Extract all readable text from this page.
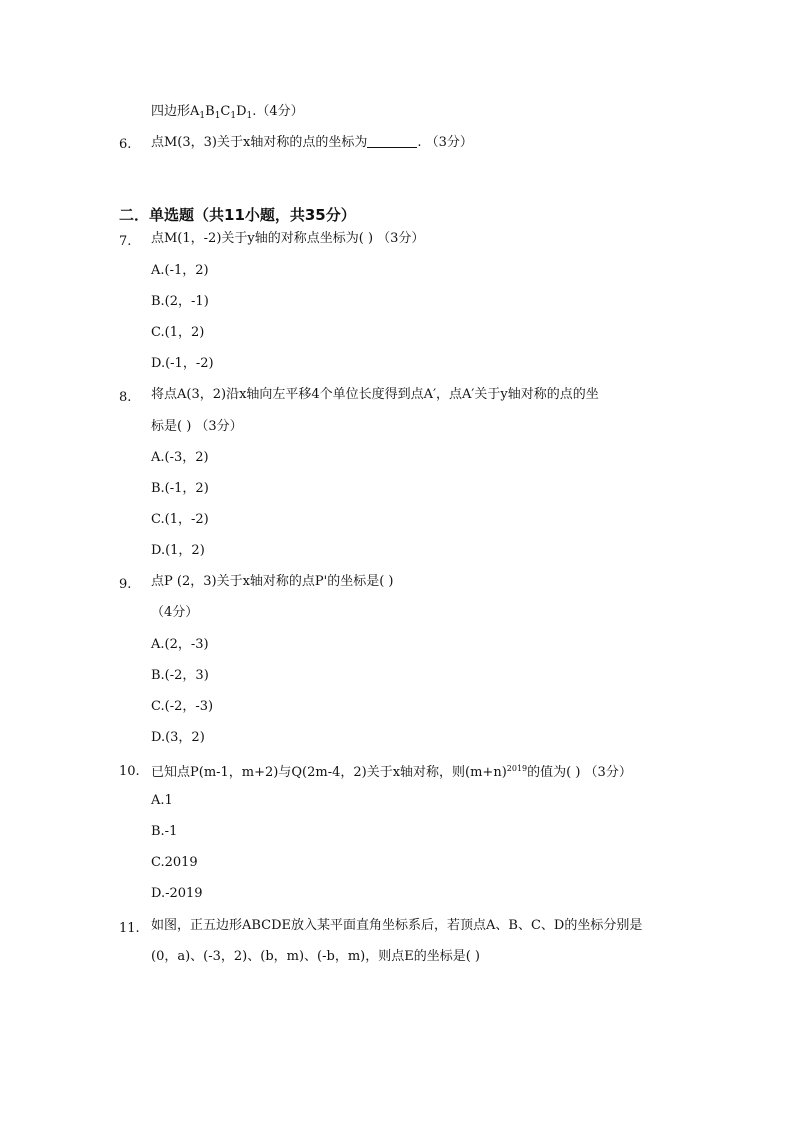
四边形$A_1B_1C_1D_1.(4$分）
6. 点M(3，3)关于x轴对称的点的坐标为	. （3分）
二．单选题（共11小题，共35分）
7. 点M(1，-2)关于y轴的对称点坐标为( ) （3分）
A.(-1，2)
B.(2，-1)
C.(1，2)
D.(-1，-2)
8. 将点A(3，2)沿x轴向左平移4个单位长度得到点A′，点A′关于y轴对称的点的坐
标是( ) （3分）
A.(-3，2)
B.(-1，2)
C.(1，-2)
D.(1，2)
9. 点P (2，3)关于x轴对称的点P'的坐标是( )
（4分）
A.(2，-3)
B.(-2，3)
C.(-2，-3)
D.(3，2)
10. 已知点P(m-1，m+2)与Q(2m-4，2)关于x轴对称，则$(m+n)^{2019}$的值为( ) （3分）
A.1
B.-1
C.2019
D.-2019
11. 如图，正五边形ABCDE放入某平面直角坐标系后，若顶点A、B、C、D的坐标分别是
(0，a)、(-3，2)、(b，m)、(-b，m)，则点E的坐标是( )
